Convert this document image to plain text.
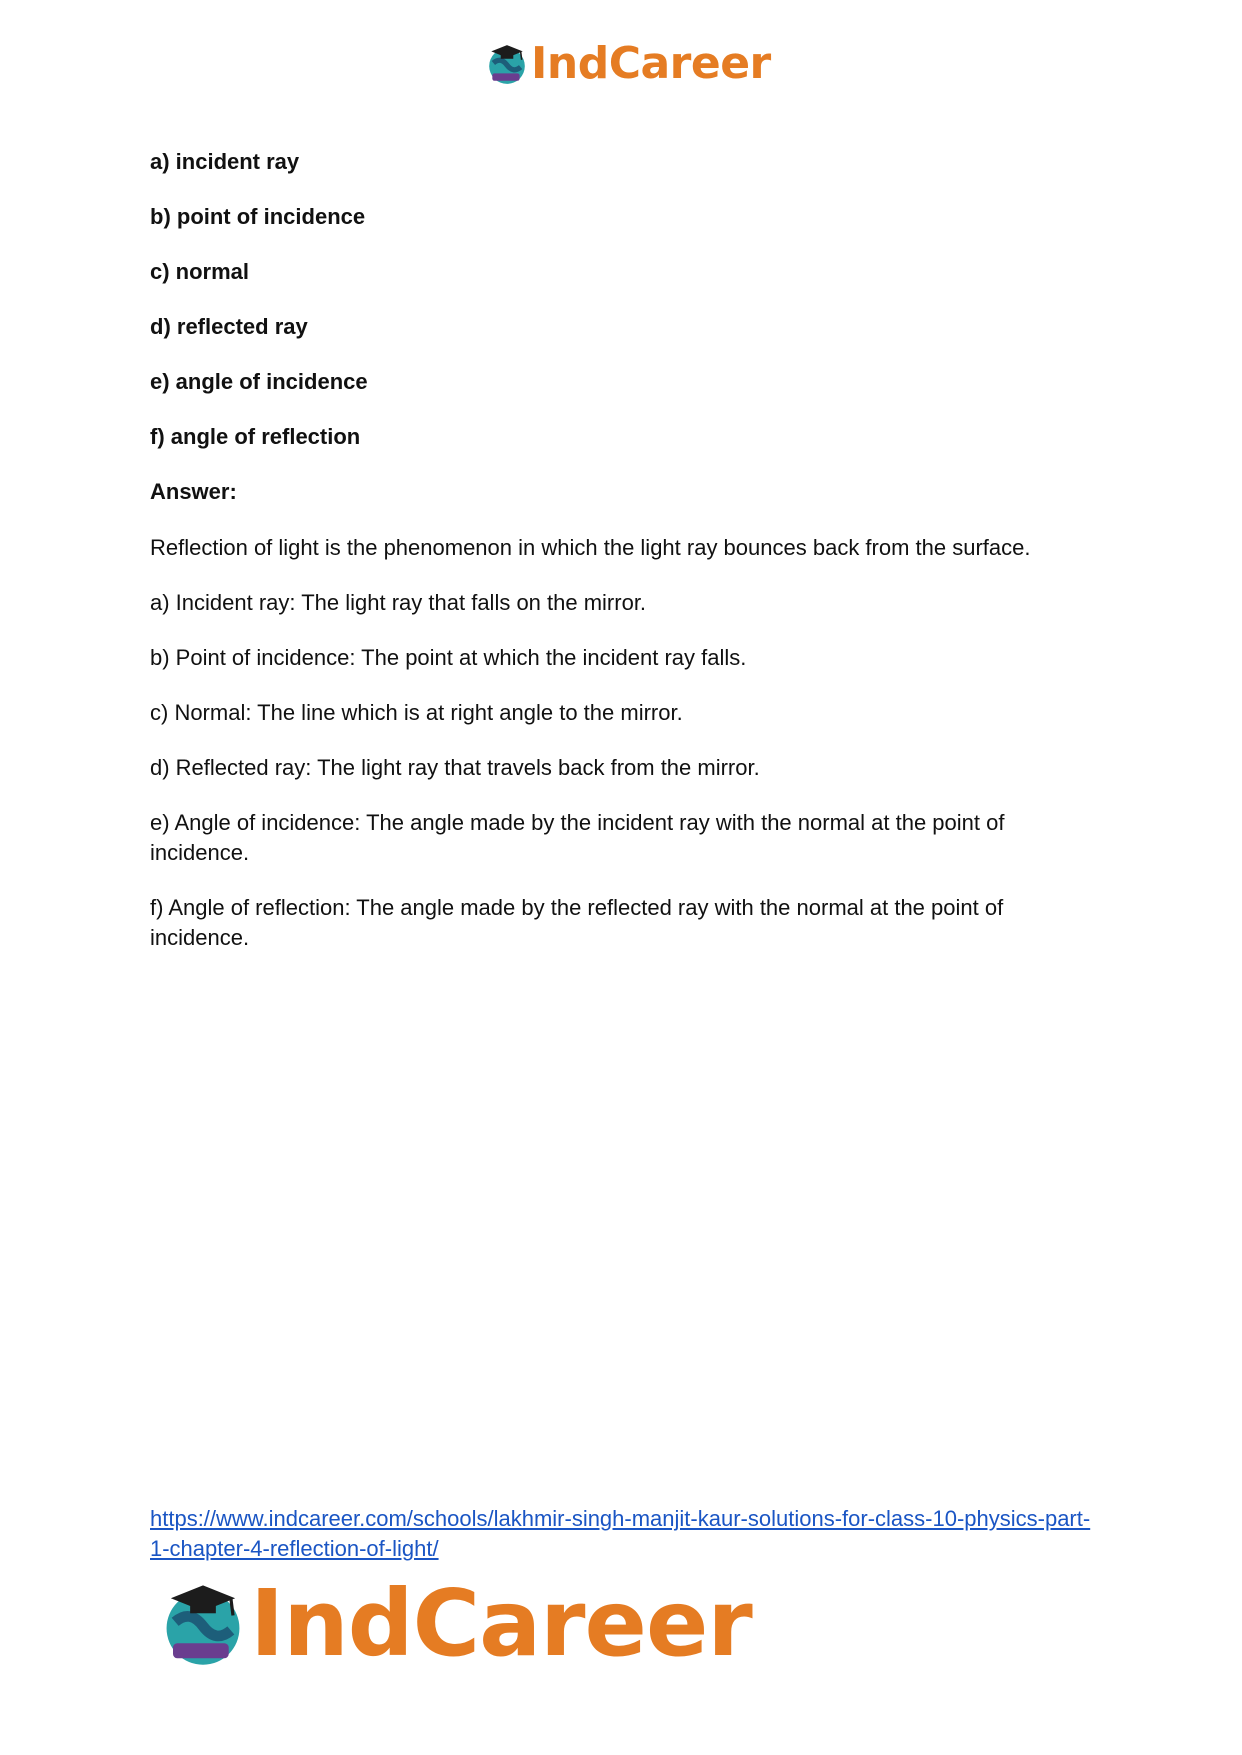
IndCareer
a) incident ray
b) point of incidence
c) normal
d) reflected ray
e) angle of incidence
f) angle of reflection
Answer:
Reflection of light is the phenomenon in which the light ray bounces back from the surface.
a) Incident ray: The light ray that falls on the mirror.
b) Point of incidence: The point at which the incident ray falls.
c) Normal: The line which is at right angle to the mirror.
d) Reflected ray: The light ray that travels back from the mirror.
e) Angle of incidence: The angle made by the incident ray with the normal at the point of incidence.
f) Angle of reflection: The angle made by the reflected ray with the normal at the point of incidence.
https://www.indcareer.com/schools/lakhmir-singh-manjit-kaur-solutions-for-class-10-physics-part-1-chapter-4-reflection-of-light/
IndCareer
